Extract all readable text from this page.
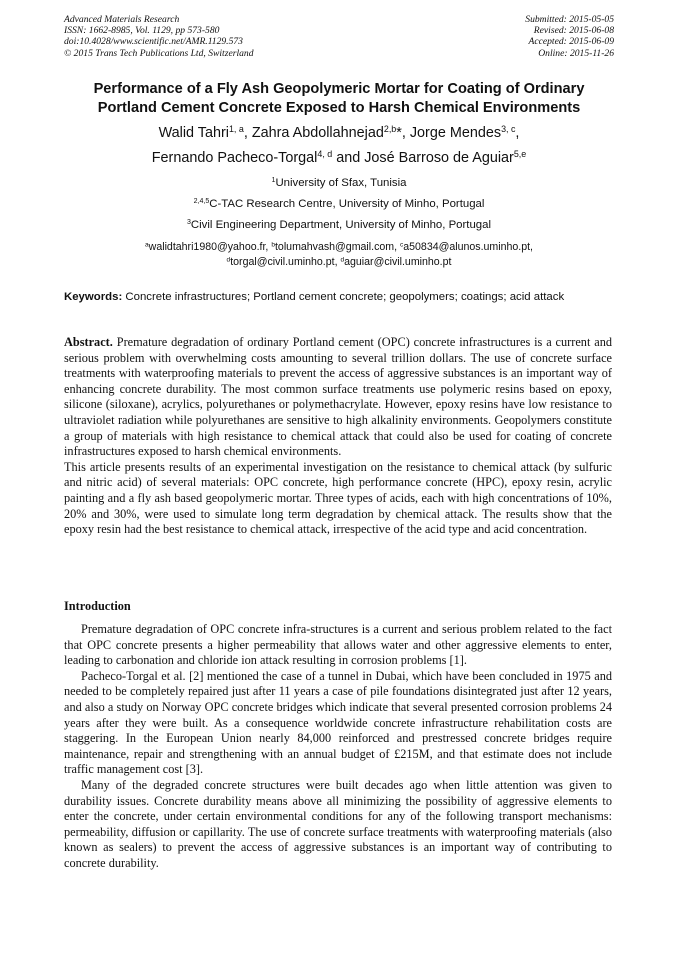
Advanced Materials Research
ISSN: 1662-8985, Vol. 1129, pp 573-580
doi:10.4028/www.scientific.net/AMR.1129.573
© 2015 Trans Tech Publications Ltd, Switzerland
Submitted: 2015-05-05
Revised: 2015-06-08
Accepted: 2015-06-09
Online: 2015-11-26
Performance of a Fly Ash Geopolymeric Mortar for Coating of Ordinary
Portland Cement Concrete Exposed to Harsh Chemical Environments
Walid Tahri$^{1, a}$, Zahra Abdollahnejad$^{2,b}$*, Jorge Mendes$^{3, c}$,
Fernando Pacheco-Torgal$^{4, d}$ and José Barroso de Aguiar$^{5,e}$
$^1$University of Sfax, Tunisia
$^{2,4,5}$C-TAC Research Centre, University of Minho, Portugal
$^3$Civil Engineering Department, University of Minho, Portugal
$^a$walidtahri1980@yahoo.fr, $^b$tolumahvash@gmail.com, $^c$a50834@alunos.uminho.pt,
$^d$torgal@civil.uminho.pt, $^d$aguiar@civil.uminho.pt
Keywords: Concrete infrastructures; Portland cement concrete; geopolymers; coatings; acid attack

Abstract. Premature degradation of ordinary Portland cement (OPC) concrete infrastructures is a current and serious problem with overwhelming costs amounting to several trillion dollars. The use of concrete surface treatments with waterproofing materials to prevent the access of aggressive substances is an important way of enhancing concrete durability. The most common surface treatments use polymeric resins based on epoxy, silicone (siloxane), acrylics, polyurethanes or polymethacrylate. However, epoxy resins have low resistance to ultraviolet radiation while polyurethanes are sensitive to high alkalinity environments. Geopolymers constitute a group of materials with high resistance to chemical attack that could also be used for coating of concrete infrastructures exposed to harsh chemical environments.

This article presents results of an experimental investigation on the resistance to chemical attack (by sulfuric and nitric acid) of several materials: OPC concrete, high performance concrete (HPC), epoxy resin, acrylic painting and a fly ash based geopolymeric mortar. Three types of acids, each with high concentrations of 10%, 20% and 30%, were used to simulate long term degradation by chemical attack. The results show that the epoxy resin had the best resistance to chemical attack, irrespective of the acid type and acid concentration.

Introduction

Premature degradation of OPC concrete infra-structures is a current and serious problem related to the fact that OPC concrete presents a higher permeability that allows water and other aggressive elements to enter, leading to carbonation and chloride ion attack resulting in corrosion problems [1].

Pacheco-Torgal et al. [2] mentioned the case of a tunnel in Dubai, which have been concluded in 1975 and needed to be completely repaired just after 11 years a case of pile foundations disintegrated just after 12 years, and also a study on Norway OPC concrete bridges which indicate that several presented corrosion problems 24 years after they were built. As a consequence worldwide concrete infrastructure rehabilitation costs are staggering. In the European Union nearly 84,000 reinforced and prestressed concrete bridges require maintenance, repair and strengthening with an annual budget of £215M, and that estimate does not include traffic management cost [3].

Many of the degraded concrete structures were built decades ago when little attention was given to durability issues. Concrete durability means above all minimizing the possibility of aggressive elements to enter the concrete, under certain environmental conditions for any of the following transport mechanisms: permeability, diffusion or capillarity. The use of concrete surface treatments with waterproofing materials (also known as sealers) to prevent the access of aggressive substances is an important way of contributing to concrete durability.
